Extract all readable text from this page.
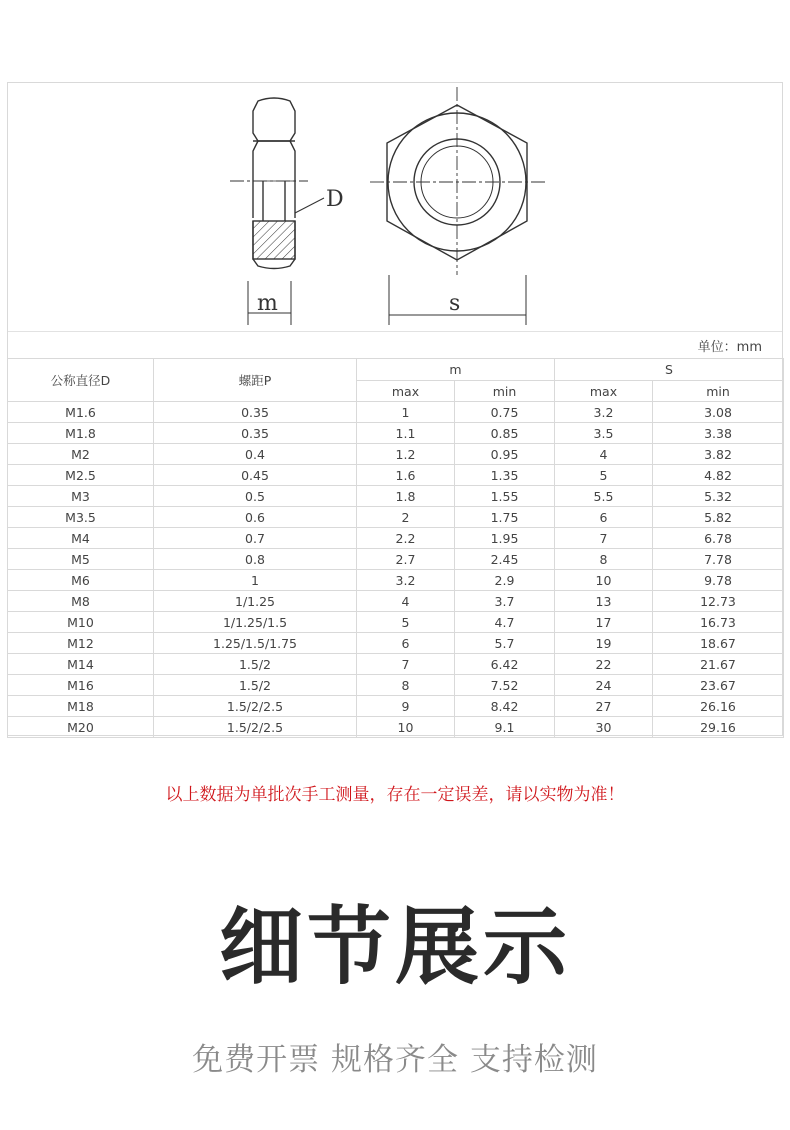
D
m	s
单位：mm
公称直径D	螺距P	m		S	
		max	min	max	min
M1.6	0.35	1	0.75	3.2	3.08
M1.8	0.35	1.1	0.85	3.5	3.38
M2	0.4	1.2	0.95	4	3.82
M2.5	0.45	1.6	1.35	5	4.82
M3	0.5	1.8	1.55	5.5	5.32
M3.5	0.6	2	1.75	6	5.82
M4	0.7	2.2	1.95	7	6.78
M5	0.8	2.7	2.45	8	7.78
M6	1	3.2	2.9	10	9.78
M8	1/1.25	4	3.7	13	12.73
M10	1/1.25/1.5	5	4.7	17	16.73
M12	1.25/1.5/1.75	6	5.7	19	18.67
M14	1.5/2	7	6.42	22	21.67
M16	1.5/2	8	7.52	24	23.67
M18	1.5/2/2.5	9	8.42	27	26.16
M20	1.5/2/2.5	10	9.1	30	29.16
以上数据为单批次手工测量，存在一定误差，请以实物为准！
细节展示
免费开票 规格齐全 支持检测
